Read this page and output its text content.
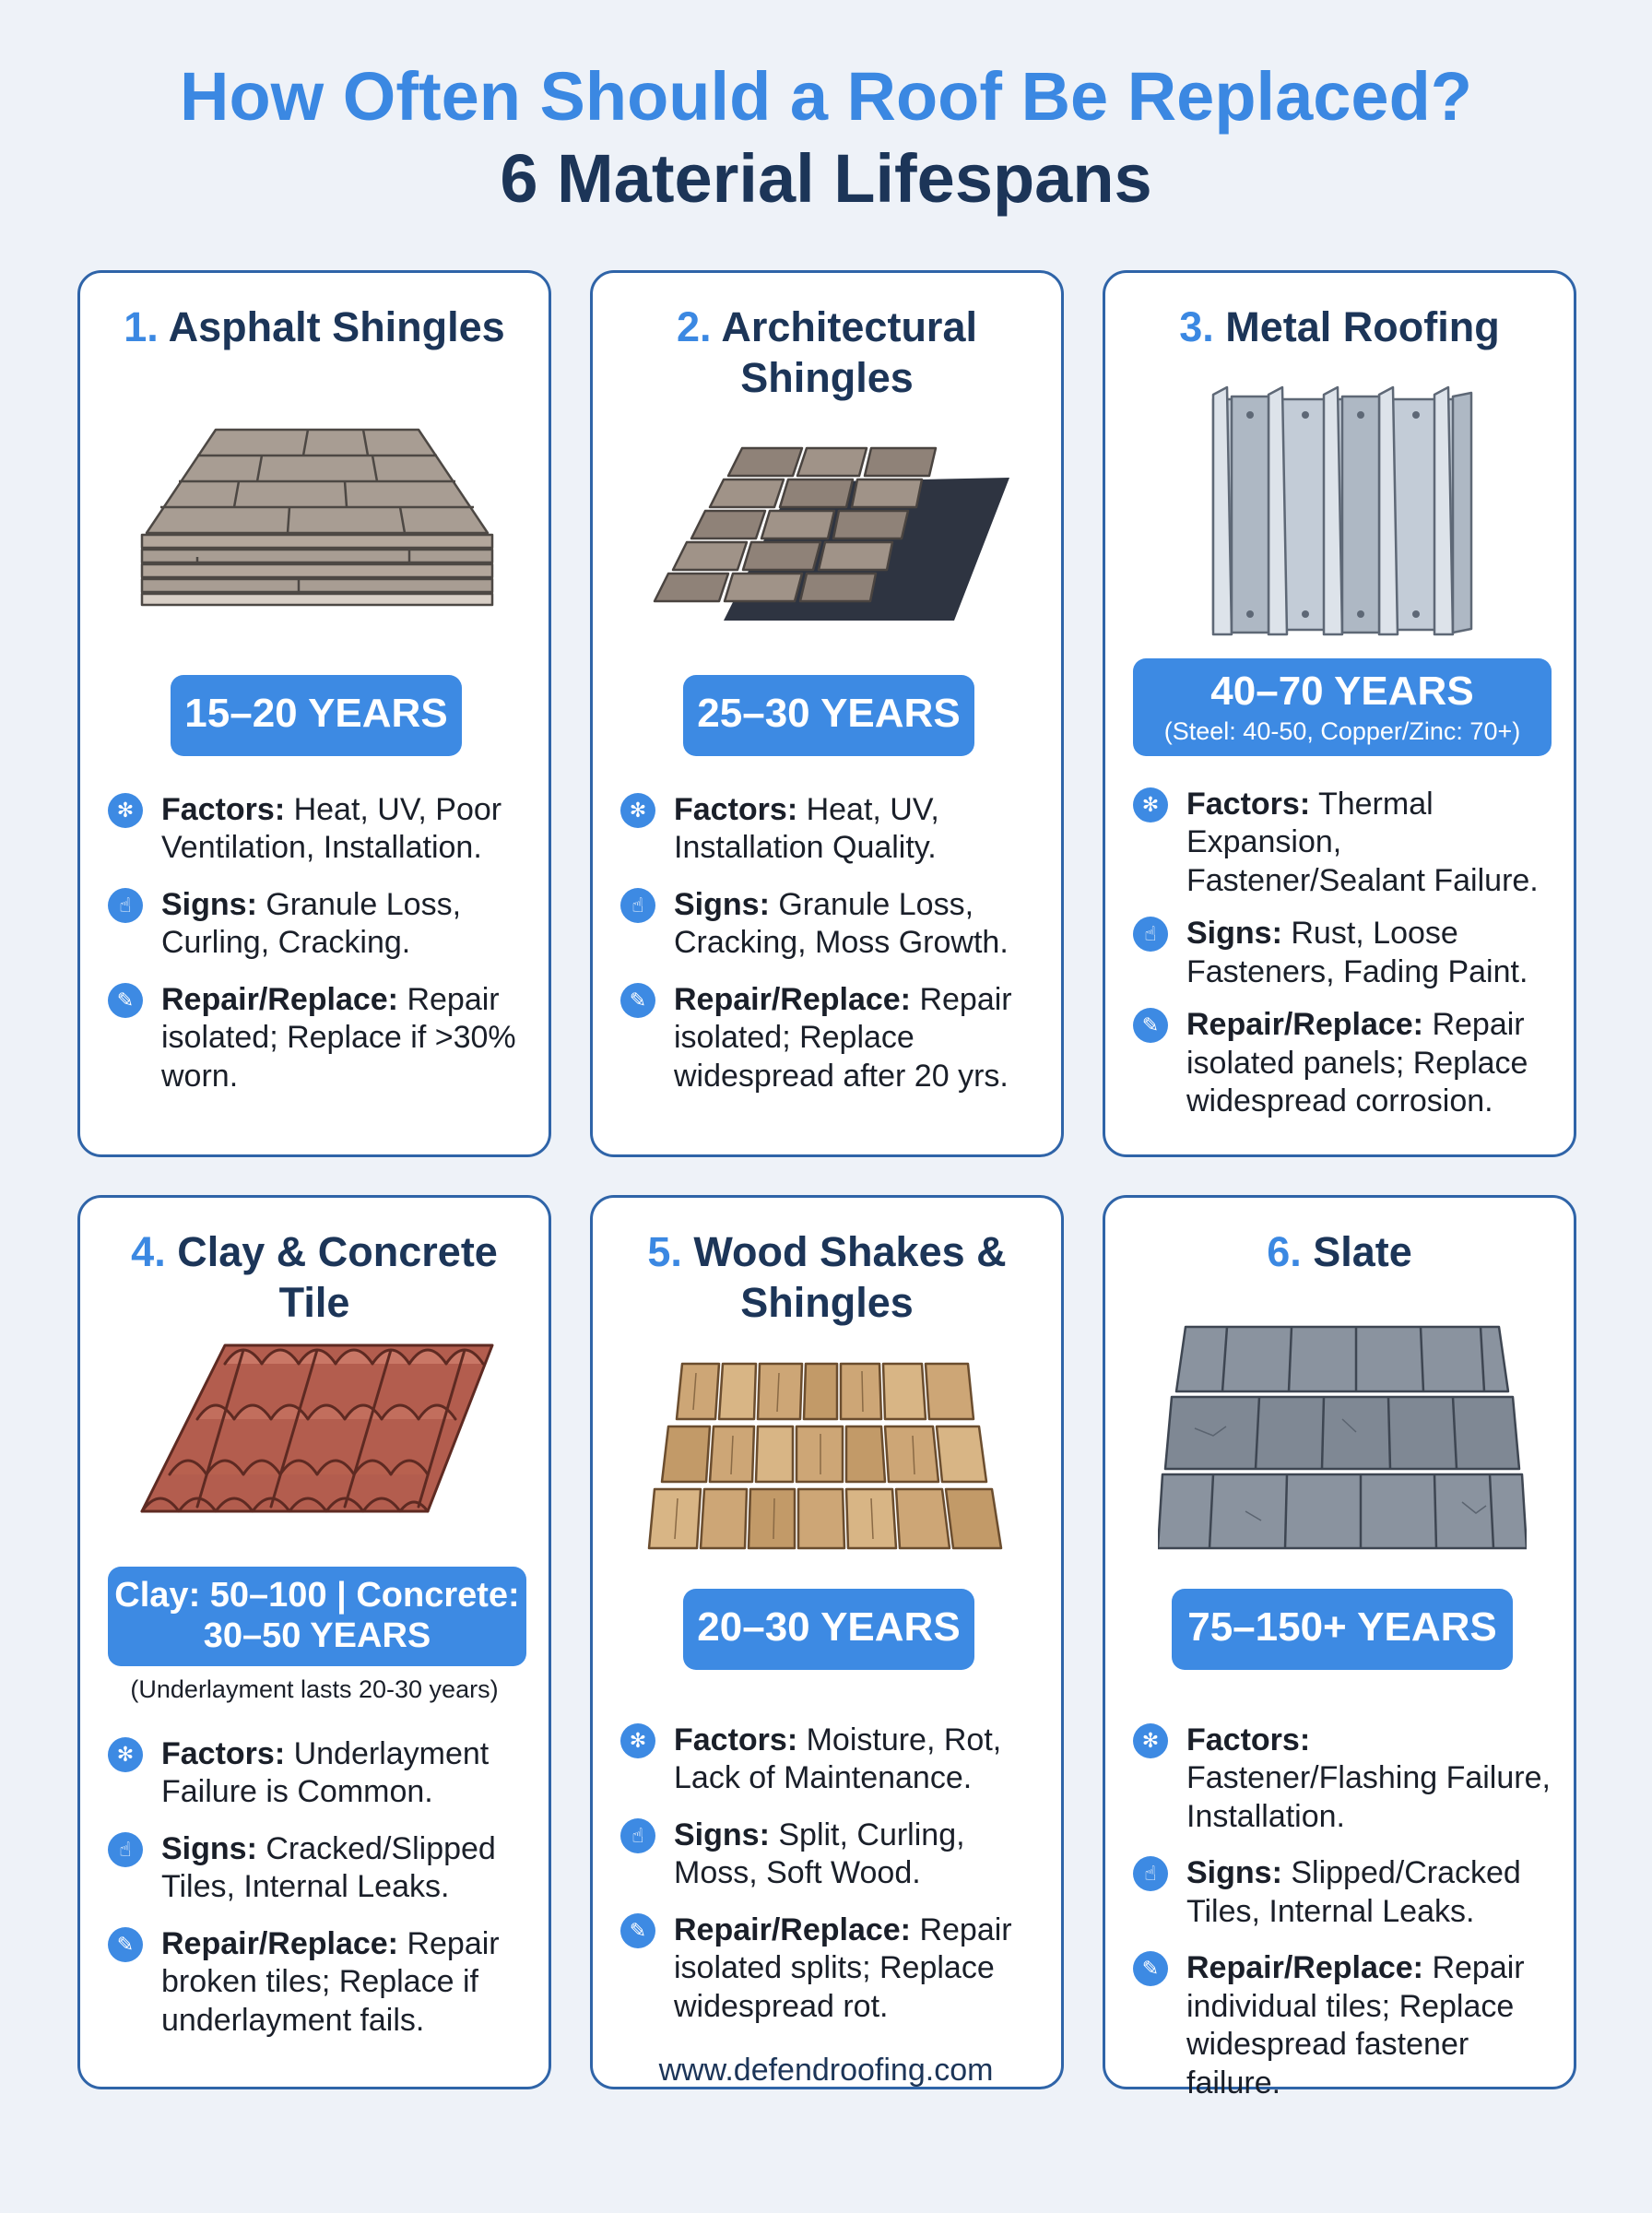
How Often Should a Roof Be Replaced?
6 Material Lifespans
1. Asphalt Shingles
15–20 YEARS
✻ Factors: Heat, UV, Poor Ventilation, Installation.
☝ Signs: Granule Loss, Curling, Cracking.
✎ Repair/Replace: Repair isolated; Replace if >30% worn.
2. Architectural Shingles
25–30 YEARS
✻ Factors: Heat, UV, Installation Quality.
☝ Signs: Granule Loss, Cracking, Moss Growth.
✎ Repair/Replace: Repair isolated; Replace widespread after 20 yrs.
3. Metal Roofing
40–70 YEARS
(Steel: 40-50, Copper/Zinc: 70+)
✻ Factors: Thermal Expansion, Fastener/Sealant Failure.
☝ Signs: Rust, Loose Fasteners, Fading Paint.
✎ Repair/Replace: Repair isolated panels; Replace widespread corrosion.
4. Clay & Concrete Tile
Clay: 50–100 | Concrete:
30–50 YEARS
(Underlayment lasts 20-30 years)
✻ Factors: Underlayment Failure is Common.
☝ Signs: Cracked/Slipped Tiles, Internal Leaks.
✎ Repair/Replace: Repair broken tiles; Replace if underlayment fails.
5. Wood Shakes & Shingles
20–30 YEARS
✻ Factors: Moisture, Rot, Lack of Maintenance.
☝ Signs: Split, Curling, Moss, Soft Wood.
✎ Repair/Replace: Repair isolated splits; Replace widespread rot.
6. Slate
75–150+ YEARS
✻ Factors: Fastener/Flashing Failure, Installation.
☝ Signs: Slipped/Cracked Tiles, Internal Leaks.
✎ Repair/Replace: Repair individual tiles; Replace widespread fastener failure.
www.defendroofing.com
